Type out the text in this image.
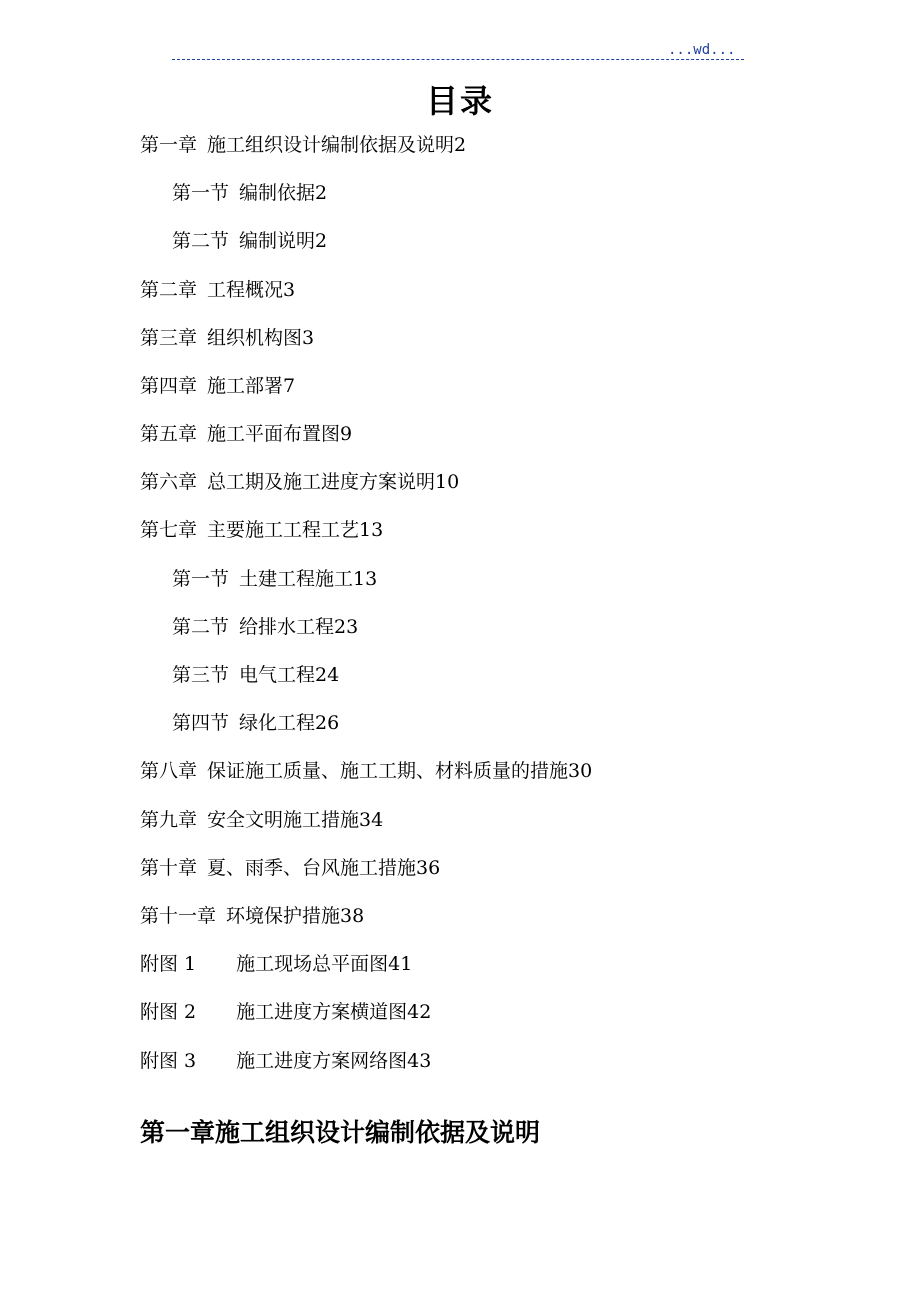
...wd...
目录
第一章 施工组织设计编制依据及说明2
第一节 编制依据2
第二节 编制说明2
第二章 工程概况3
第三章 组织机构图3
第四章 施工部署7
第五章 施工平面布置图9
第六章 总工期及施工进度方案说明10
第七章 主要施工工程工艺13
第一节 土建工程施工13
第二节 给排水工程23
第三节 电气工程24
第四节 绿化工程26
第八章 保证施工质量、施工工期、材料质量的措施30
第九章 安全文明施工措施34
第十章 夏、雨季、台风施工措施36
第十一章 环境保护措施38
附图 1 施工现场总平面图41
附图 2 施工进度方案横道图42
附图 3 施工进度方案网络图43
第一章施工组织设计编制依据及说明
